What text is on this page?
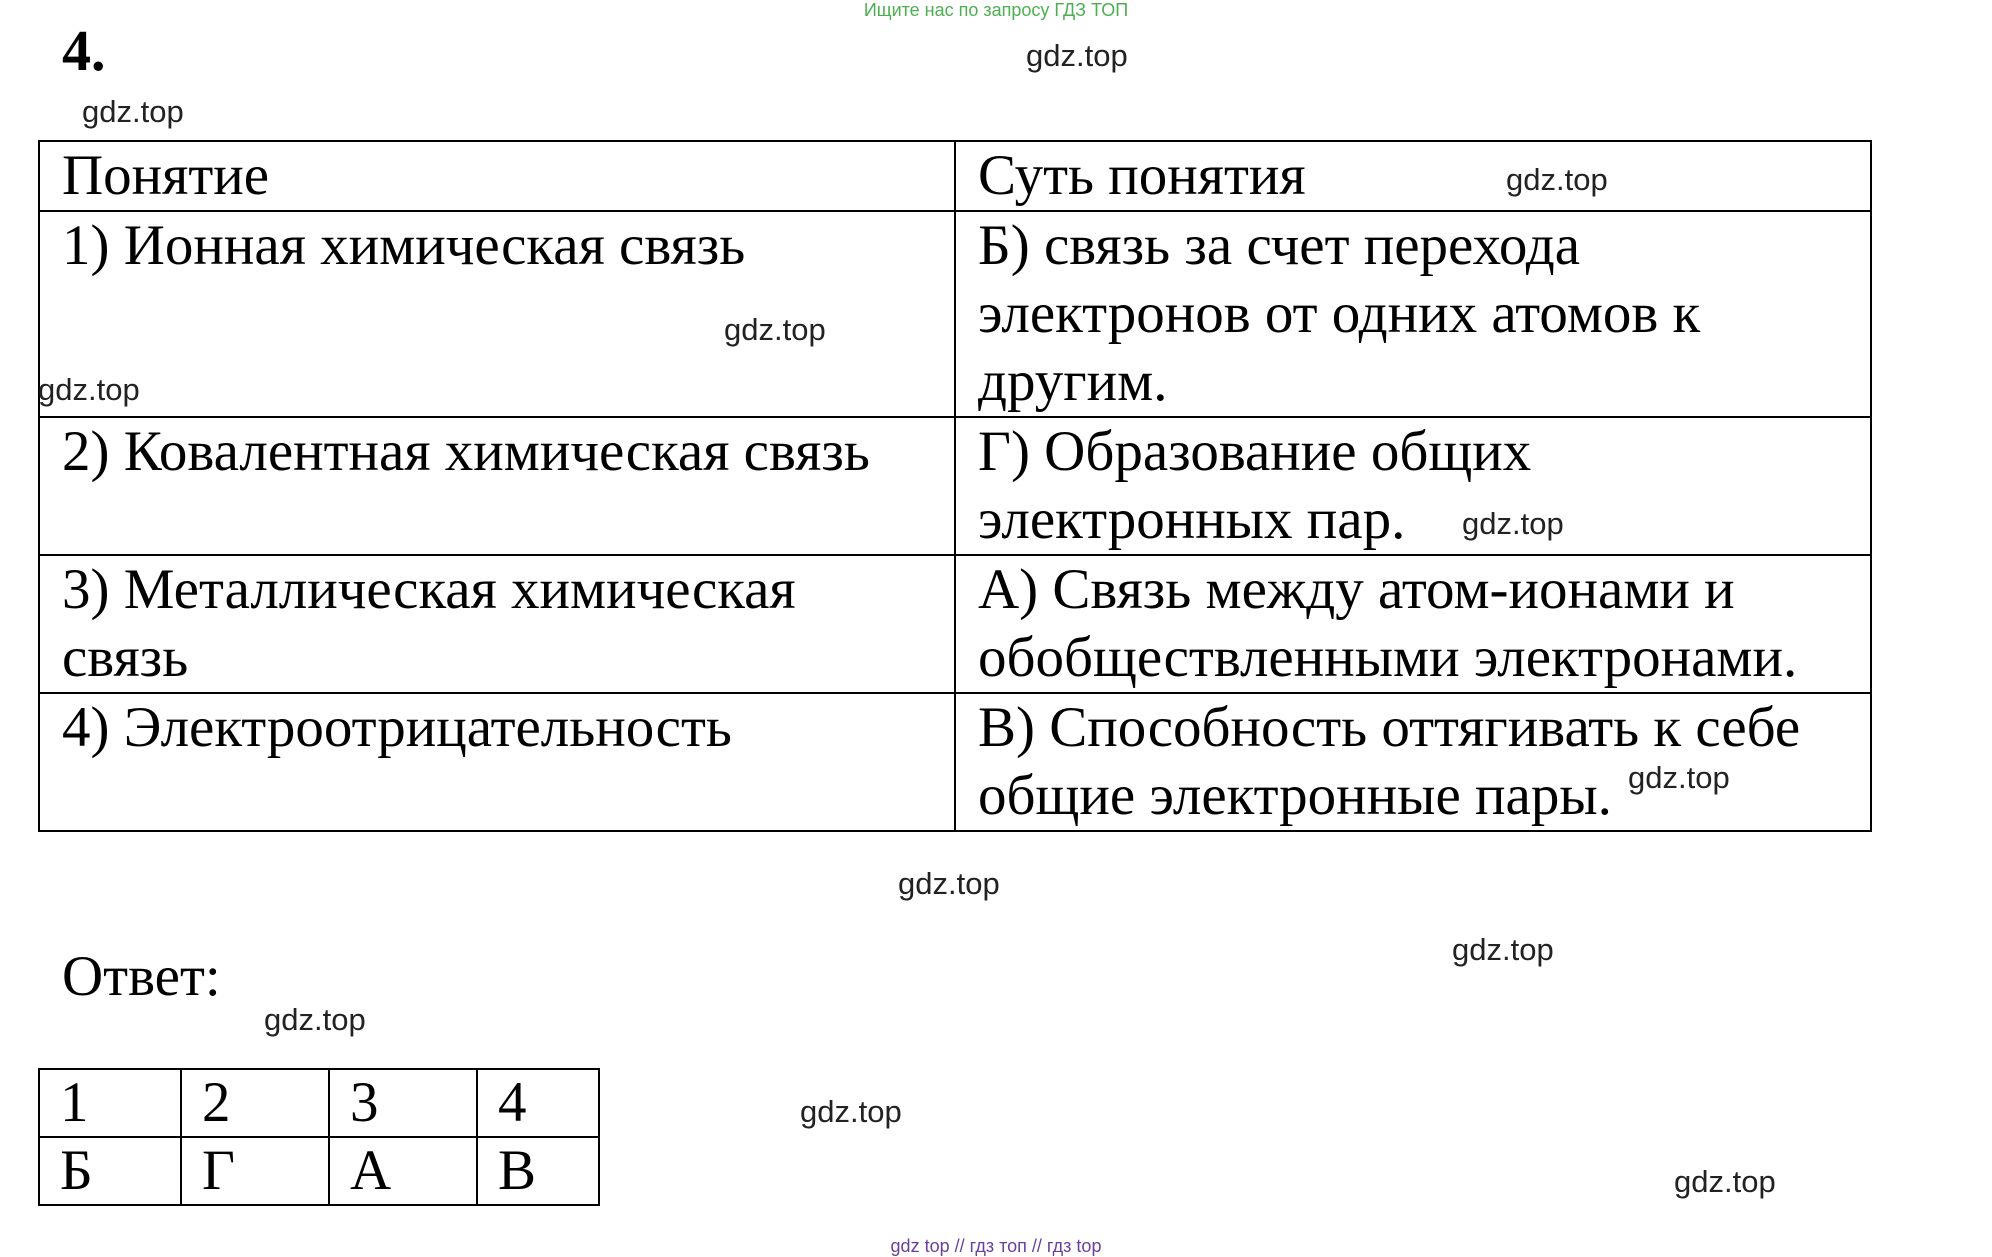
Ищите нас по запросу ГДЗ ТОП
4.	gdz.top
gdz.top
Понятие	Суть понятия
1) Ионная химическая связь	Б) связь за счет перехода электронов от одних атомов к другим.
2) Ковалентная химическая связь	Г) Образование общих электронных пар.
3) Металлическая химическая связь	А) Связь между атом-ионами и обобществленными электронами.
4) Электроотрицательность	В) Способность оттягивать к себе общие электронные пары.
gdz.top
gdz.top
gdz.top
gdz.top
gdz.top
gdz.top
gdz.top
Ответ:
gdz.top
1	2	3	4
Б	Г	А	В
gdz.top
gdz.top
gdz top // гдз топ // гдз top
